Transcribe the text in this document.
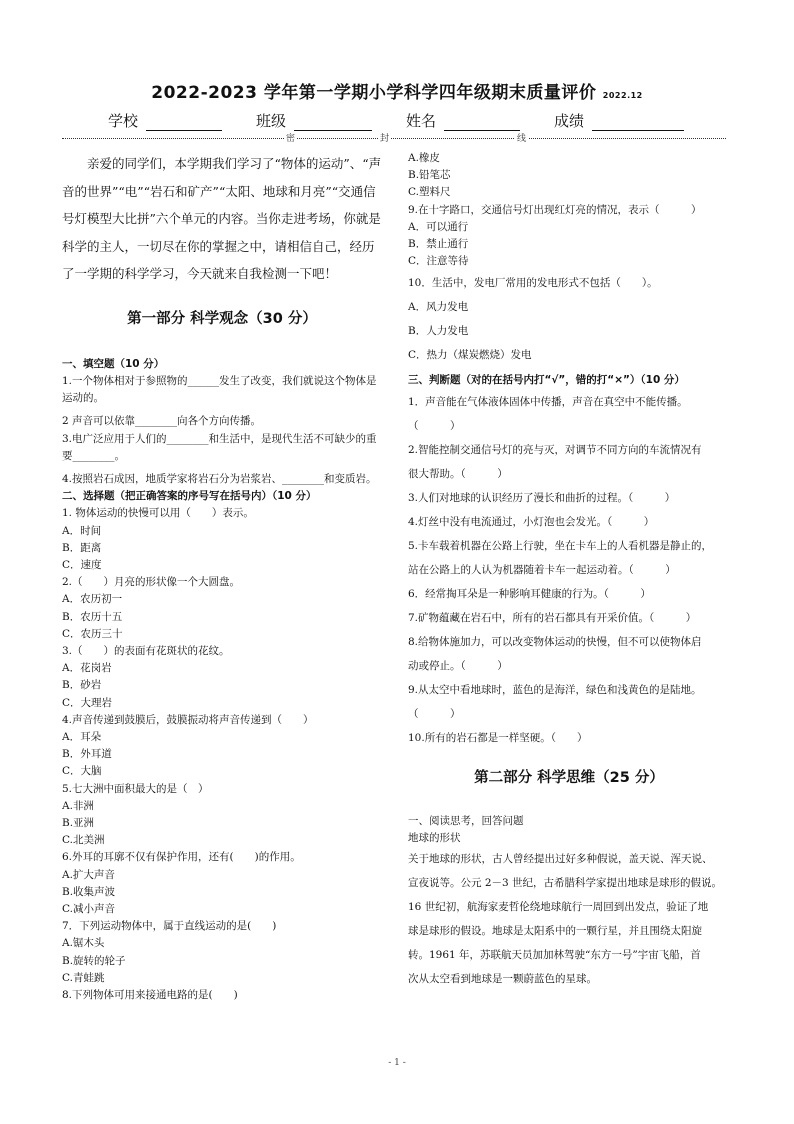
2022-2023 学年第一学期小学科学四年级期末质量评价 2022.12
学校	班级	姓名	成绩
密	封	线

亲爱的同学们，本学期我们学习了“物体的运动”、“声音的世界”“电”“岩石和矿产”“太阳、地球和月亮”“交通信号灯模型大比拼”六个单元的内容。当你走进考场，你就是科学的主人，一切尽在你的掌握之中，请相信自己，经历了一学期的科学学习，今天就来自我检测一下吧！

第一部分 科学观念（30 分）
一、填空题（10 分）

1.一个物体相对于参照物的______发生了改变，我们就说这个物体是运动的。

2 声音可以依靠________向各个方向传播。

3.电广泛应用于人们的________和生活中，是现代生活不可缺少的重要________。

4.按照岩石成因，地质学家将岩石分为岩浆岩、________和变质岩。

二、选择题（把正确答案的序号写在括号内）（10 分）

1. 物体运动的快慢可以用（　　）表示。

A．时间

B．距离

C．速度

2.（　　）月亮的形状像一个大圆盘。

A．农历初一

B．农历十五

C．农历三十

3.（　　）的表面有花斑状的花纹。

A．花岗岩

B．砂岩

C．大理岩

4.声音传递到鼓膜后，鼓膜振动将声音传递到（　　）

A．耳朵

B．外耳道

C．大脑

5.七大洲中面积最大的是（　）

A.非洲

B.亚洲

C.北美洲

6.外耳的耳廓不仅有保护作用，还有(　　)的作用。

A.扩大声音

B.收集声波

C.减小声音

7．下列运动物体中，属于直线运动的是(　　)

A.锯木头

B.旋转的轮子

C.青蛙跳

8.下列物体可用来接通电路的是(　　)

A.橡皮

B.铅笔芯

C.塑料尺

9.在十字路口，交通信号灯出现红灯亮的情况，表示（　　　）

A．可以通行

B．禁止通行

C．注意等待

10．生活中，发电厂常用的发电形式不包括（　　）。

A．风力发电

B．人力发电

C．热力（煤炭燃烧）发电

三、判断题（对的在括号内打“√”，错的打“×”）（10 分）

1．声音能在气体液体固体中传播，声音在真空中不能传播。

（　　　）

2.智能控制交通信号灯的亮与灭，对调节不同方向的车流情况有

很大帮助。（　　　）

3.人们对地球的认识经历了漫长和曲折的过程。（　　　）

4.灯丝中没有电流通过，小灯泡也会发光。（　　　）

5.卡车载着机器在公路上行驶，坐在卡车上的人看机器是静止的，

站在公路上的人认为机器随着卡车一起运动着。（　　　）

6．经常掏耳朵是一种影响耳健康的行为。（　　　）

7.矿物蕴藏在岩石中，所有的岩石都具有开采价值。（　　　）

8.给物体施加力，可以改变物体运动的快慢，但不可以使物体启

动或停止。（　　　）

9.从太空中看地球时，蓝色的是海洋，绿色和浅黄色的是陆地。

（　　　）

10.所有的岩石都是一样坚硬。（　　）

第二部分 科学思维（25 分）
一、阅读思考，回答问题
地球的形状

关于地球的形状，古人曾经提出过好多种假说，盖天说、浑天说、

宣夜说等。公元 2－3 世纪，古希腊科学家提出地球是球形的假说。

16 世纪初，航海家麦哲伦绕地球航行一周回到出发点，验证了地

球是球形的假设。地球是太阳系中的一颗行星，并且围绕太阳旋

转。1961 年，苏联航天员加加林驾驶“东方一号”宇宙飞船，首

次从太空看到地球是一颗蔚蓝色的星球。

- 1 -
